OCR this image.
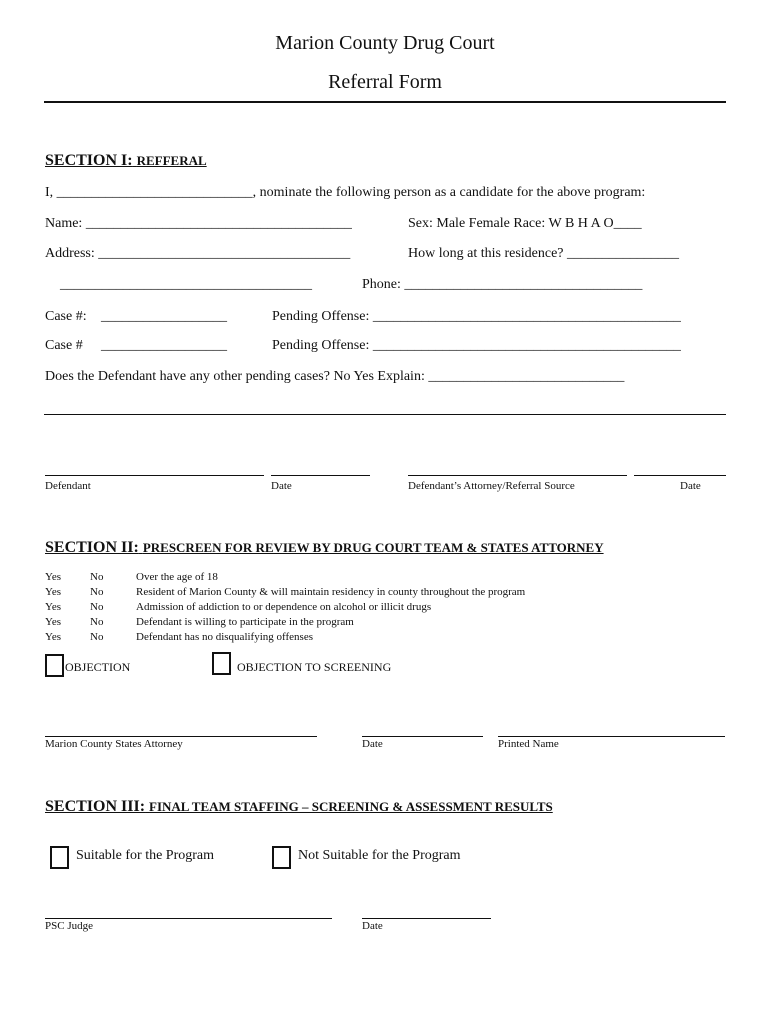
Marion County Drug Court
Referral Form
SECTION I: REFFERAL
I, ____________________________, nominate the following person as a candidate for the above program:
Name: ______________________________________	Sex: Male Female Race: W B H A O____
Address: ____________________________________	How long at this residence? ________________
____________________________________	Phone: __________________________________
Case #: __________________	Pending Offense: ____________________________________________
Case # __________________	Pending Offense: ____________________________________________
Does the Defendant have any other pending cases? No Yes Explain: ____________________________
Defendant	Date	Defendant’s Attorney/Referral Source	Date
SECTION II: PRESCREEN FOR REVIEW BY DRUG COURT TEAM & STATES ATTORNEY
Yes	No	Over the age of 18
Yes	No	Resident of Marion County & will maintain residency in county throughout the program
Yes	No	Admission of addiction to or dependence on alcohol or illicit drugs
Yes	No	Defendant is willing to participate in the program
Yes	No	Defendant has no disqualifying offenses
OBJECTION	OBJECTION TO SCREENING
Marion County States Attorney	Date	Printed Name
SECTION III: FINAL TEAM STAFFING – SCREENING & ASSESSMENT RESULTS
Suitable for the Program	Not Suitable for the Program
PSC Judge	Date
